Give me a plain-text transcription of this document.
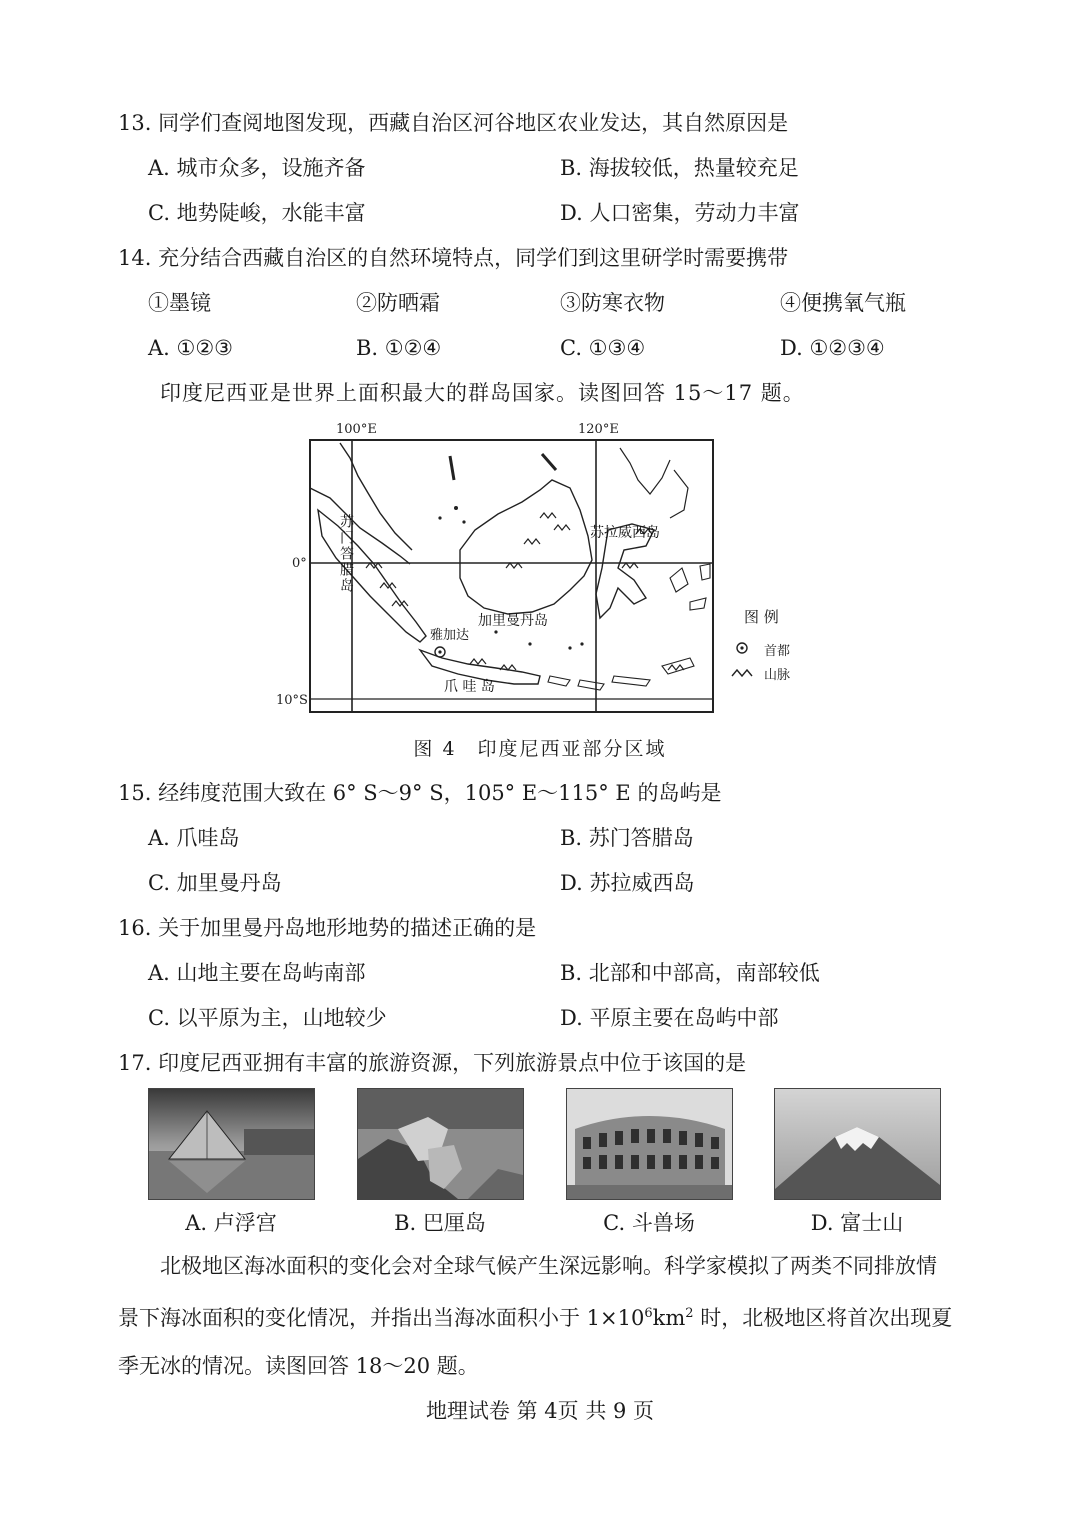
13. 同学们查阅地图发现，西藏自治区河谷地区农业发达，其自然原因是
A. 城市众多，设施齐备	B. 海拔较低，热量较充足
C. 地势陡峻，水能丰富	D. 人口密集，劳动力丰富
14. 充分结合西藏自治区的自然环境特点，同学们到这里研学时需要携带
①墨镜	②防晒霜	③防寒衣物	④便携氧气瓶
A. ①②③	B. ①②④	C. ①③④	D. ①②③④
印度尼西亚是世界上面积最大的群岛国家。读图回答 15～17 题。
100°E	120°E
0°
10°S
苏门答腊岛
加里曼丹岛
苏拉威西岛
爪 哇 岛
雅加达
图 例
首都
山脉
图 4　印度尼西亚部分区域
15. 经纬度范围大致在 6° S～9° S，105° E～115° E 的岛屿是
A. 爪哇岛	B. 苏门答腊岛
C. 加里曼丹岛	D. 苏拉威西岛
16. 关于加里曼丹岛地形地势的描述正确的是
A. 山地主要在岛屿南部	B. 北部和中部高，南部较低
C. 以平原为主，山地较少	D. 平原主要在岛屿中部
17. 印度尼西亚拥有丰富的旅游资源，下列旅游景点中位于该国的是
A. 卢浮宫	B. 巴厘岛	C. 斗兽场	D. 富士山
北极地区海冰面积的变化会对全球气候产生深远影响。科学家模拟了两类不同排放情
景下海冰面积的变化情况，并指出当海冰面积小于 $1\times 10^6km^2$ 时，北极地区将首次出现夏
季无冰的情况。读图回答 18～20 题。
地理试卷 第 4页 共 9 页
